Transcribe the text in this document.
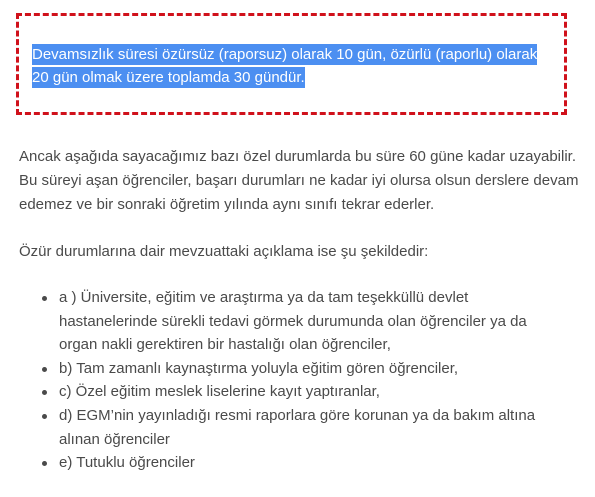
Devamsızlık süresi özürsüz (raporsuz) olarak 10 gün, özürlü (raporlu) olarak 20 gün olmak üzere toplamda 30 gündür.

Ancak aşağıda sayacağımız bazı özel durumlarda bu süre 60 güne kadar uzayabilir. Bu süreyi aşan öğrenciler, başarı durumları ne kadar iyi olursa olsun derslere devam edemez ve bir sonraki öğretim yılında aynı sınıfı tekrar ederler.

Özür durumlarına dair mevzuattaki açıklama ise şu şekildedir:

a ) Üniversite, eğitim ve araştırma ya da tam teşekküllü devlet hastanelerinde sürekli tedavi görmek durumunda olan öğrenciler ya da organ nakli gerektiren bir hastalığı olan öğrenciler,
b) Tam zamanlı kaynaştırma yoluyla eğitim gören öğrenciler,
c) Özel eğitim meslek liselerine kayıt yaptıranlar,
d) EGM’nin yayınladığı resmi raporlara göre korunan ya da bakım altına alınan öğrenciler
e) Tutuklu öğrenciler
